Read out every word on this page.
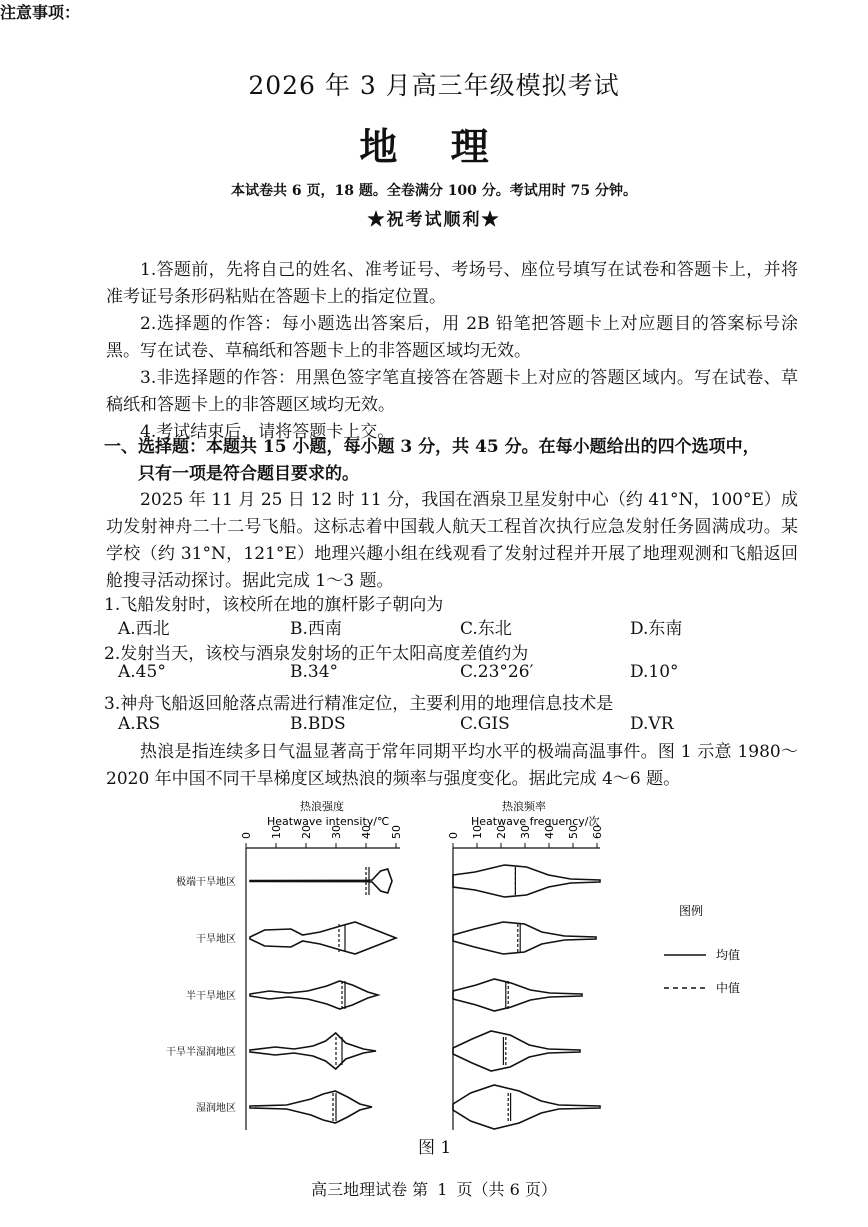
2026 年 3 月高三年级模拟考试
地 理
本试卷共 6 页，18 题。全卷满分 100 分。考试用时 75 分钟。
★祝考试顺利★
注意事项：
1.答题前，先将自己的姓名、准考证号、考场号、座位号填写在试卷和答题卡上，并将准考证号条形码粘贴在答题卡上的指定位置。
2.选择题的作答：每小题选出答案后，用 2B 铅笔把答题卡上对应题目的答案标号涂黑。写在试卷、草稿纸和答题卡上的非答题区域均无效。
3.非选择题的作答：用黑色签字笔直接答在答题卡上对应的答题区域内。写在试卷、草稿纸和答题卡上的非答题区域均无效。
4.考试结束后，请将答题卡上交。
一、选择题：本题共 15 小题，每小题 3 分，共 45 分。在每小题给出的四个选项中，
只有一项是符合题目要求的。
2025 年 11 月 25 日 12 时 11 分，我国在酒泉卫星发射中心（约 41°N，100°E）成功发射神舟二十二号飞船。这标志着中国载人航天工程首次执行应急发射任务圆满成功。某学校（约 31°N，121°E）地理兴趣小组在线观看了发射过程并开展了地理观测和飞船返回舱搜寻活动探讨。据此完成 1～3 题。
1.飞船发射时，该校所在地的旗杆影子朝向为
A.西北	B.西南	C.东北	D.东南
2.发射当天，该校与酒泉发射场的正午太阳高度差值约为
A.45°	B.34°	C.23°26′	D.10°
3.神舟飞船返回舱落点需进行精准定位，主要利用的地理信息技术是
A.RS	B.BDS	C.GIS	D.VR
热浪是指连续多日气温显著高于常年同期平均水平的极端高温事件。图 1 示意 1980～2020 年中国不同干旱梯度区域热浪的频率与强度变化。据此完成 4～6 题。
热浪强度
Heatwave intensity/℃
0 10 20 30 40 50
极端干旱地区
干旱地区
半干旱地区
干旱半湿润地区
湿润地区
热浪频率
Heatwave frequency/次
0 10 20 30 40 50 60
图例
均值
中值
图 1
高三地理试卷 第 1 页（共 6 页）
